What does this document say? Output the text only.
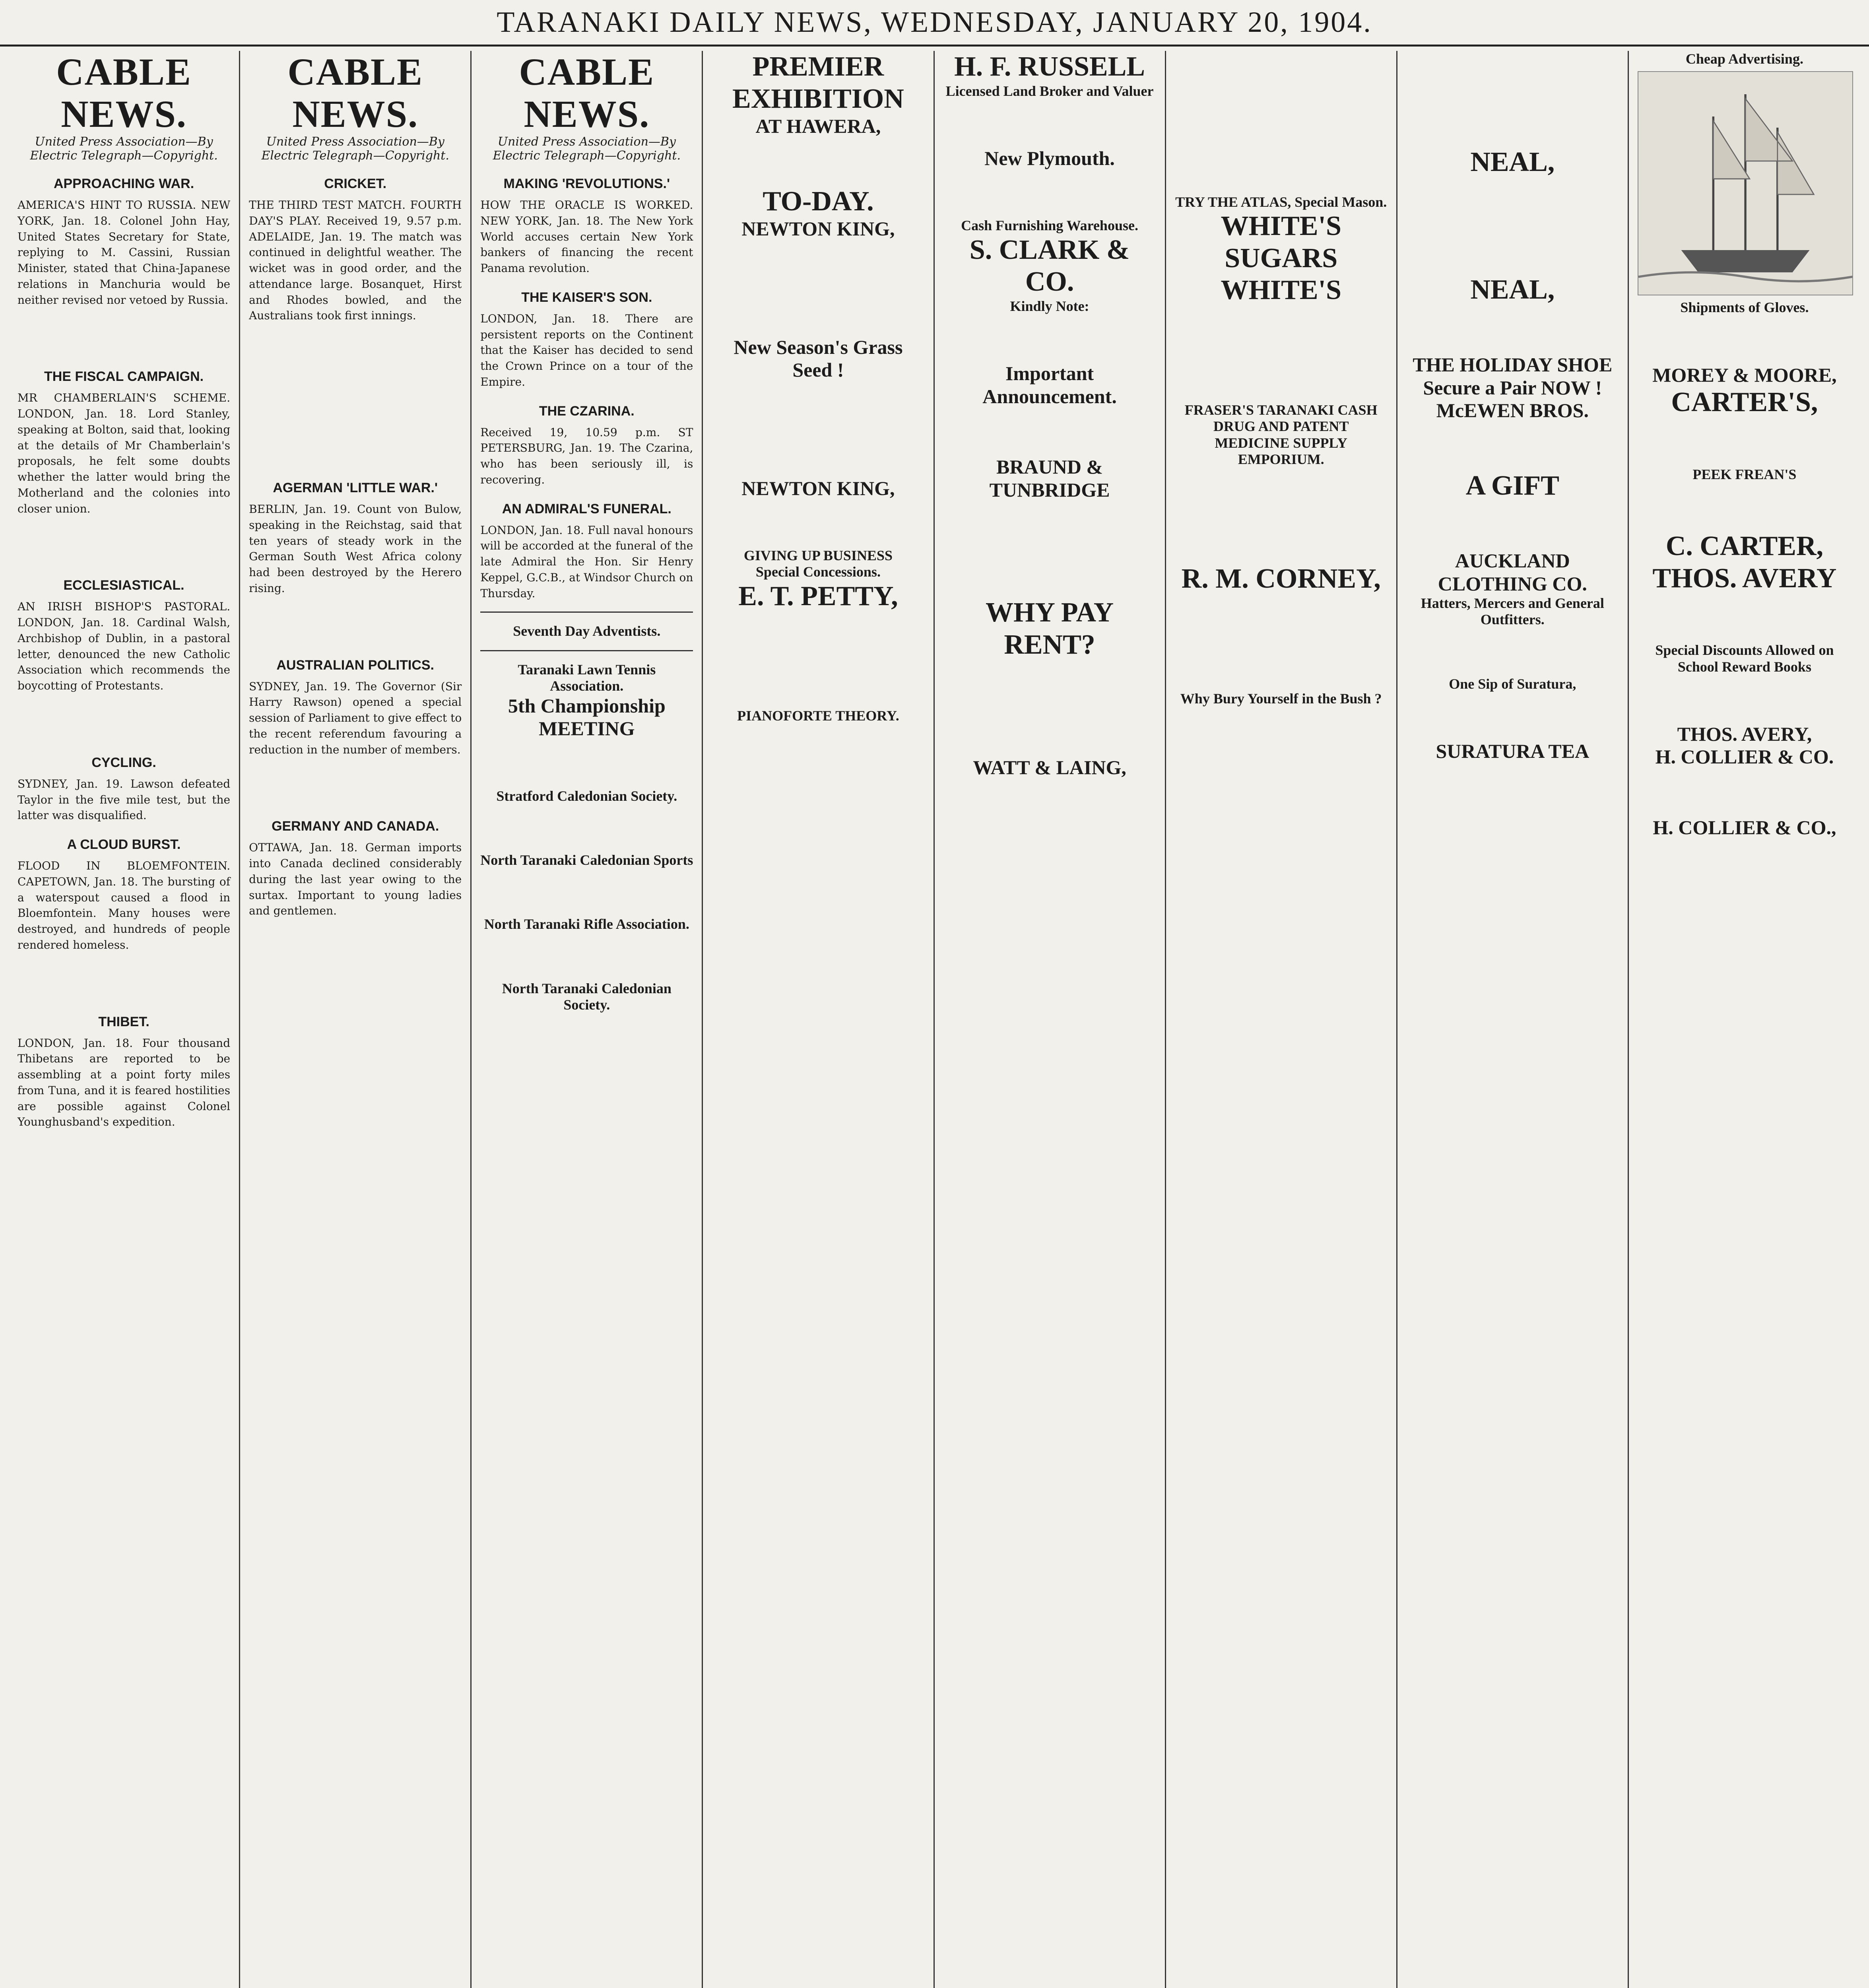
TARANAKI DAILY NEWS, WEDNESDAY, JANUARY 20, 1904.
CABLE NEWS.
United Press Association—By Electric Telegraph—Copyright.
APPROACHING WAR.
AMERICA'S HINT TO RUSSIA. NEW YORK, Jan. 18. Colonel John Hay, United States Secretary for State, replying to M. Cassini, Russian Minister, stated that China-Japanese relations in Manchuria would be neither revised nor vetoed by Russia.
THE FISCAL CAMPAIGN.
MR CHAMBERLAIN'S SCHEME. LONDON, Jan. 18. Lord Stanley, speaking at Bolton, said that, looking at the details of Mr Chamberlain's proposals, he felt some doubts whether the latter would bring the Motherland and the colonies into closer union.
ECCLESIASTICAL.
AN IRISH BISHOP'S PASTORAL. LONDON, Jan. 18. Cardinal Walsh, Archbishop of Dublin, in a pastoral letter, denounced the new Catholic Association which recommends the boycotting of Protestants.
CYCLING.
SYDNEY, Jan. 19. Lawson defeated Taylor in the five mile test, but the latter was disqualified.
A CLOUD BURST.
FLOOD IN BLOEMFONTEIN. CAPETOWN, Jan. 18. The bursting of a waterspout caused a flood in Bloemfontein. Many houses were destroyed, and hundreds of people rendered homeless.
THIBET.
LONDON, Jan. 18. Four thousand Thibetans are reported to be assembling at a point forty miles from Tuna, and it is feared hostilities are possible against Colonel Younghusband's expedition.
CABLE NEWS.
United Press Association—By Electric Telegraph—Copyright.
CRICKET.
THE THIRD TEST MATCH. FOURTH DAY'S PLAY. Received 19, 9.57 p.m. ADELAIDE, Jan. 19. The match was continued in delightful weather. The wicket was in good order, and the attendance large. Bosanquet, Hirst and Rhodes bowled, and the Australians took first innings.
AGERMAN 'LITTLE WAR.'
BERLIN, Jan. 19. Count von Bulow, speaking in the Reichstag, said that ten years of steady work in the German South West Africa colony had been destroyed by the Herero rising.
AUSTRALIAN POLITICS.
SYDNEY, Jan. 19. The Governor (Sir Harry Rawson) opened a special session of Parliament to give effect to the recent referendum favouring a reduction in the number of members.
GERMANY AND CANADA.
OTTAWA, Jan. 18. German imports into Canada declined considerably during the last year owing to the surtax. Important to young ladies and gentlemen.
CABLE NEWS.
United Press Association—By Electric Telegraph—Copyright.
MAKING 'REVOLUTIONS.'
HOW THE ORACLE IS WORKED. NEW YORK, Jan. 18. The New York World accuses certain New York bankers of financing the recent Panama revolution.
THE KAISER'S SON.
LONDON, Jan. 18. There are persistent reports on the Continent that the Kaiser has decided to send the Crown Prince on a tour of the Empire.
THE CZARINA.
Received 19, 10.59 p.m. ST PETERSBURG, Jan. 19. The Czarina, who has been seriously ill, is recovering.
AN ADMIRAL'S FUNERAL.
LONDON, Jan. 18. Full naval honours will be accorded at the funeral of the late Admiral the Hon. Sir Henry Keppel, G.C.B., at Windsor Church on Thursday.
Seventh Day Adventists.
Taranaki Lawn Tennis Association.
5th Championship MEETING
Stratford Caledonian Society.
North Taranaki Caledonian Sports
North Taranaki Rifle Association.
North Taranaki Caledonian Society.
PREMIER
EXHIBITION
AT HAWERA,
TO-DAY.
NEWTON KING,
New Season's Grass Seed !
NEWTON KING,
GIVING UP BUSINESS
Special Concessions.
E. T. PETTY,
PIANOFORTE THEORY.
H. F. RUSSELL
Licensed Land Broker and Valuer
New Plymouth.
Cash Furnishing Warehouse.
S. CLARK & CO.
Kindly Note:
Important Announcement.
BRAUND & TUNBRIDGE
WHY PAY RENT?
WATT & LAING,
TRY THE ATLAS, Special Mason.
WHITE'S
SUGARS
WHITE'S
FRASER'S TARANAKI CASH DRUG AND PATENT MEDICINE SUPPLY EMPORIUM.
R. M. CORNEY,
Why Bury Yourself in the Bush ?
NEAL,
NEAL,
THE HOLIDAY SHOE
Secure a Pair NOW !
McEWEN BROS.
A GIFT
AUCKLAND CLOTHING CO.
Hatters, Mercers and General Outfitters.
One Sip of Suratura,
SURATURA TEA
Cheap Advertising.
Shipments of Gloves.
MOREY & MOORE,
CARTER'S,
PEEK FREAN'S
C. CARTER,
THOS. AVERY
Special Discounts Allowed on School Reward Books
THOS. AVERY,
H. COLLIER & CO.
H. COLLIER & CO.,
